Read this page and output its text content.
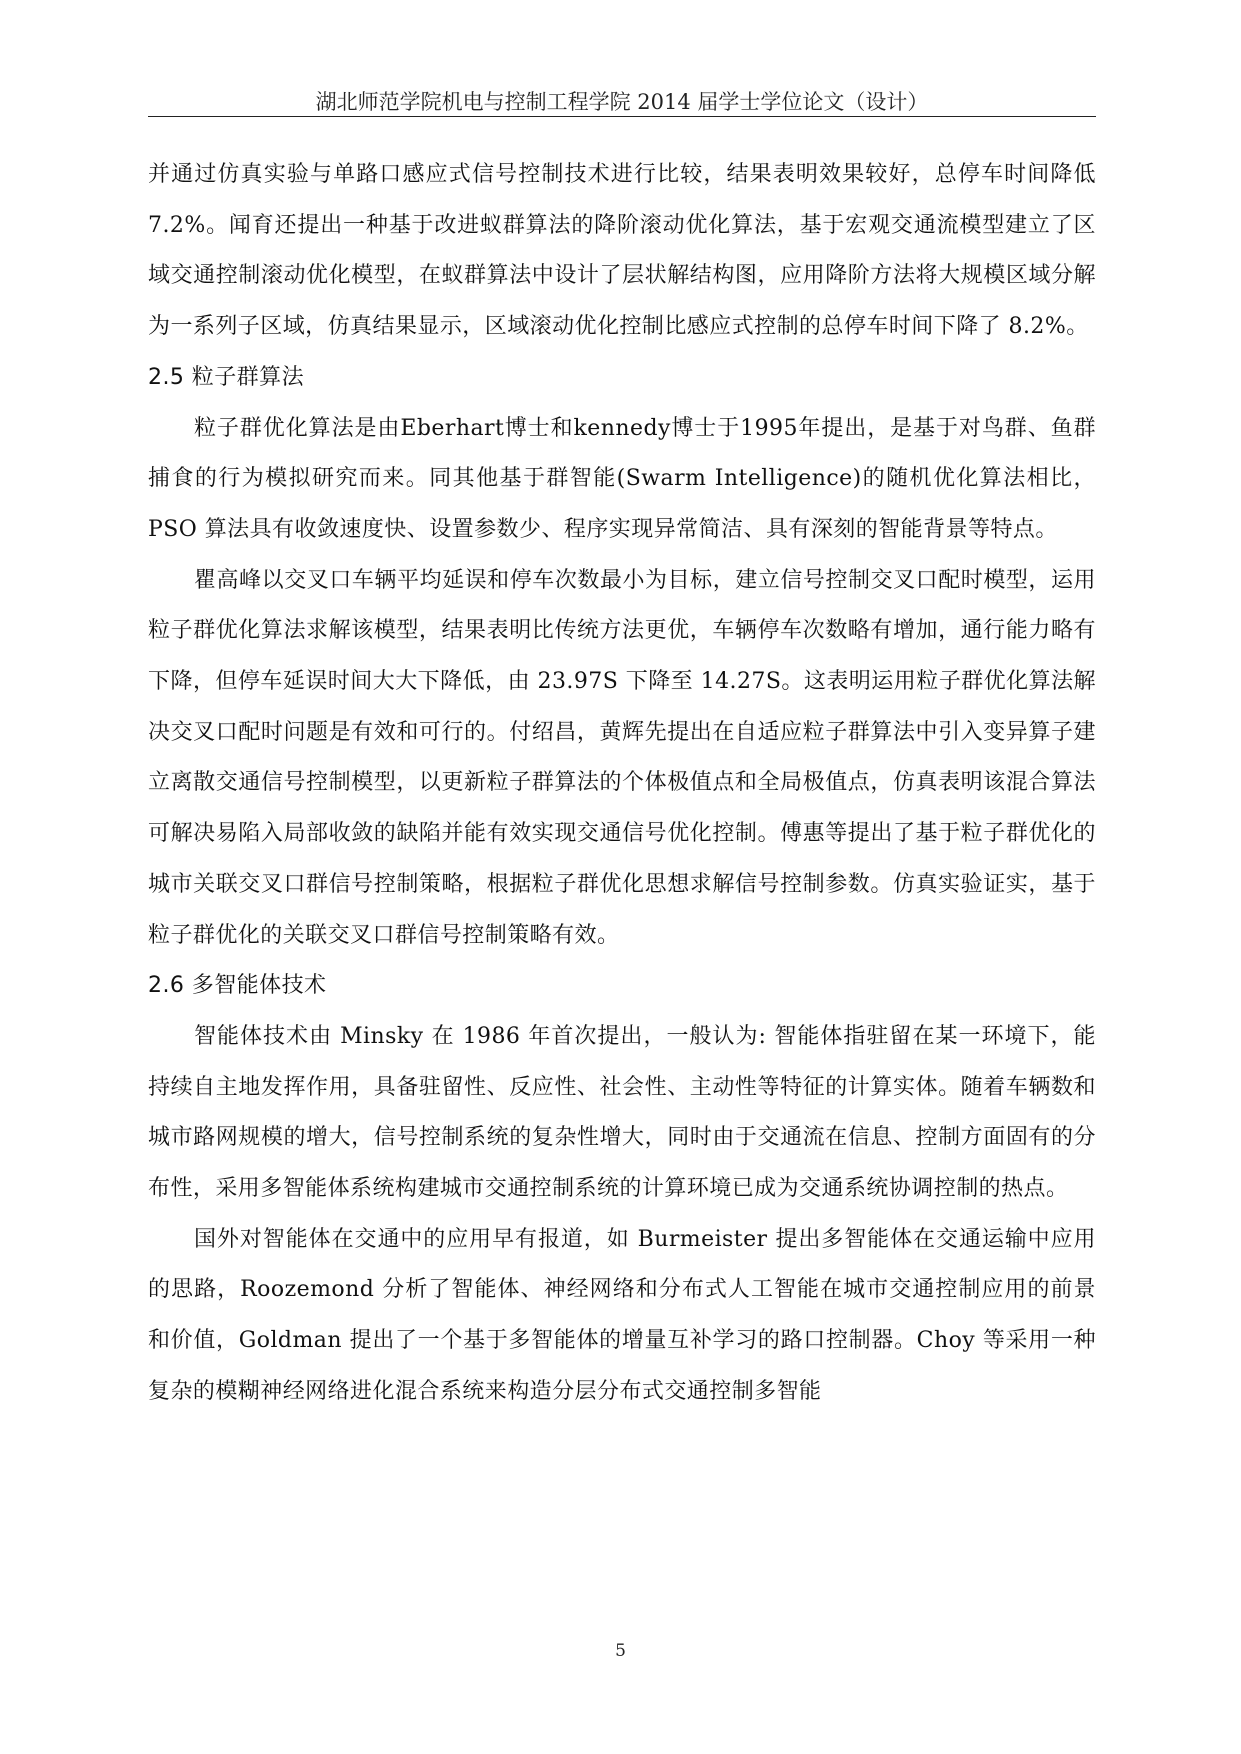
湖北师范学院机电与控制工程学院 2014 届学士学位论文（设计）

并通过仿真实验与单路口感应式信号控制技术进行比较，结果表明效果较好，总停车时间降低 7.2%。闻育还提出一种基于改进蚁群算法的降阶滚动优化算法，基于宏观交通流模型建立了区域交通控制滚动优化模型，在蚁群算法中设计了层状解结构图，应用降阶方法将大规模区域分解为一系列子区域，仿真结果显示，区域滚动优化控制比感应式控制的总停车时间下降了 8.2%。

2.5 粒子群算法

粒子群优化算法是由Eberhart博士和kennedy博士于1995年提出，是基于对鸟群、鱼群捕食的行为模拟研究而来。同其他基于群智能(Swarm Intelligence)的随机优化算法相比，PSO 算法具有收敛速度快、设置参数少、程序实现异常简洁、具有深刻的智能背景等特点。

瞿高峰以交叉口车辆平均延误和停车次数最小为目标，建立信号控制交叉口配时模型，运用粒子群优化算法求解该模型，结果表明比传统方法更优，车辆停车次数略有增加，通行能力略有下降，但停车延误时间大大下降低，由 23.97S 下降至 14.27S。这表明运用粒子群优化算法解决交叉口配时问题是有效和可行的。付绍昌，黄辉先提出在自适应粒子群算法中引入变异算子建立离散交通信号控制模型，以更新粒子群算法的个体极值点和全局极值点，仿真表明该混合算法可解决易陷入局部收敛的缺陷并能有效实现交通信号优化控制。傅惠等提出了基于粒子群优化的城市关联交叉口群信号控制策略，根据粒子群优化思想求解信号控制参数。仿真实验证实，基于粒子群优化的关联交叉口群信号控制策略有效。

2.6 多智能体技术

智能体技术由 Minsky 在 1986 年首次提出，一般认为: 智能体指驻留在某一环境下，能持续自主地发挥作用，具备驻留性、反应性、社会性、主动性等特征的计算实体。随着车辆数和城市路网规模的增大，信号控制系统的复杂性增大，同时由于交通流在信息、控制方面固有的分布性，采用多智能体系统构建城市交通控制系统的计算环境已成为交通系统协调控制的热点。

国外对智能体在交通中的应用早有报道，如 Burmeister 提出多智能体在交通运输中应用的思路，Roozemond 分析了智能体、神经网络和分布式人工智能在城市交通控制应用的前景和价值，Goldman 提出了一个基于多智能体的增量互补学习的路口控制器。Choy 等采用一种复杂的模糊神经网络进化混合系统来构造分层分布式交通控制多智能

5
